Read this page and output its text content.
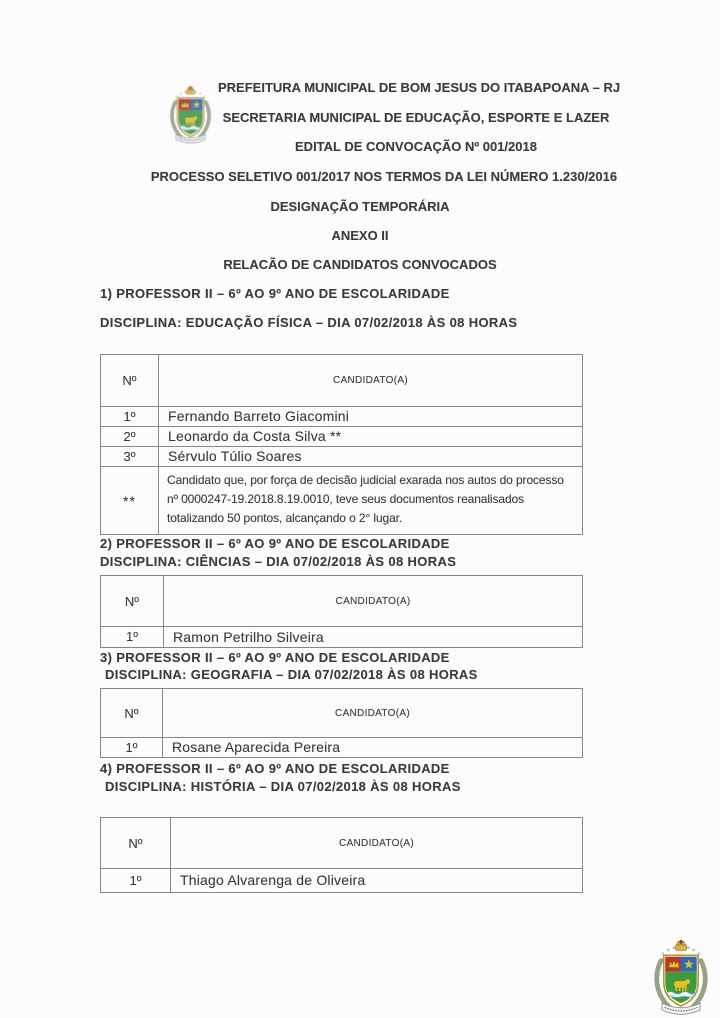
PREFEITURA MUNICIPAL DE BOM JESUS DO ITABAPOANA – RJ
SECRETARIA MUNICIPAL DE EDUCAÇÃO, ESPORTE E LAZER
EDITAL DE CONVOCAÇÃO Nº 001/2018
PROCESSO SELETIVO 001/2017 NOS TERMOS DA LEI NÚMERO 1.230/2016
DESIGNAÇÃO TEMPORÁRIA
ANEXO II
RELACÃO DE CANDIDATOS CONVOCADOS
1) PROFESSOR II – 6º AO 9º ANO DE ESCOLARIDADE
DISCIPLINA: EDUCAÇÃO FÍSICA – DIA 07/02/2018 ÀS 08 HORAS
Nº	CANDIDATO(A)
1º	Fernando Barreto Giacomini
2º	Leonardo da Costa Silva **
3º	Sérvulo Túlio Soares
**	Candidato que, por força de decisão judicial exarada nos autos do processo
nº 0000247-19.2018.8.19.0010, teve seus documentos reanalisados
totalizando 50 pontos, alcançando o 2° lugar.
2) PROFESSOR II – 6º AO 9º ANO DE ESCOLARIDADE
DISCIPLINA: CIÊNCIAS – DIA 07/02/2018 ÀS 08 HORAS
Nº	CANDIDATO(A)
1º	Ramon Petrilho Silveira
3) PROFESSOR II – 6º AO 9º ANO DE ESCOLARIDADE
DISCIPLINA: GEOGRAFIA – DIA 07/02/2018 ÀS 08 HORAS
Nº	CANDIDATO(A)
1º	Rosane Aparecida Pereira
4) PROFESSOR II – 6º AO 9º ANO DE ESCOLARIDADE
DISCIPLINA: HISTÓRIA – DIA 07/02/2018 ÀS 08 HORAS
Nº	CANDIDATO(A)
1º	Thiago Alvarenga de Oliveira
